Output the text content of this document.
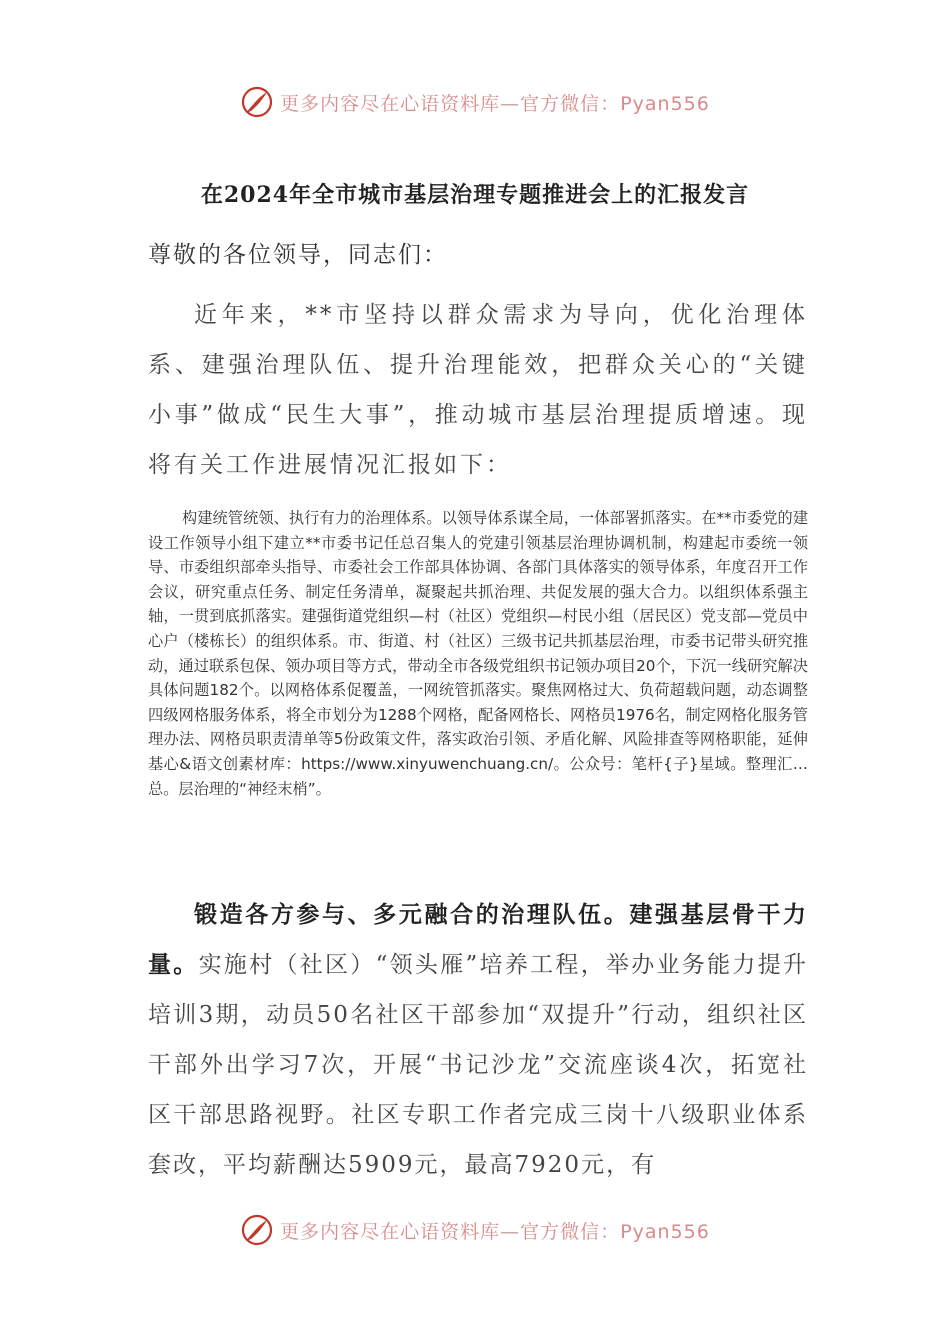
更多内容尽在心语资料库—官方微信：Pyan556
在2024年全市城市基层治理专题推进会上的汇报发言
尊敬的各位领导，同志们：

近年来，**市坚持以群众需求为导向，优化治理体系、建强治理队伍、提升治理能效，把群众关心的“关键小事”做成“民生大事”，推动城市基层治理提质增速。现将有关工作进展情况汇报如下：

构建统管统领、执行有力的治理体系。以领导体系谋全局，一体部署抓落实。在**市委党的建设工作领导小组下建立**市委书记任总召集人的党建引领基层治理协调机制，构建起市委统一领导、市委组织部牵头指导、市委社会工作部具体协调、各部门具体落实的领导体系，年度召开工作会议，研究重点任务、制定任务清单，凝聚起共抓治理、共促发展的强大合力。以组织体系强主轴，一贯到底抓落实。建强街道党组织—村（社区）党组织—村民小组（居民区）党支部—党员中心户（楼栋长）的组织体系。市、街道、村（社区）三级书记共抓基层治理，市委书记带头研究推动，通过联系包保、领办项目等方式，带动全市各级党组织书记领办项目20个，下沉一线研究解决具体问题182个。以网格体系促覆盖，一网统管抓落实。聚焦网格过大、负荷超载问题，动态调整四级网格服务体系，将全市划分为1288个网格，配备网格长、网格员1976名，制定网格化服务管理办法、网格员职责清单等5份政策文件，落实政治引领、矛盾化解、风险排查等网格职能，延伸基心&语文创素材库：https://www.xinyuwenchuang.cn/。公众号：笔杆{子}星域。整理汇…总。层治理的“神经末梢”。

锻造各方参与、多元融合的治理队伍。建强基层骨干力量。实施村（社区）“领头雁”培养工程，举办业务能力提升培训3期，动员50名社区干部参加“双提升”行动，组织社区干部外出学习7次，开展“书记沙龙”交流座谈4次，拓宽社区干部思路视野。社区专职工作者完成三岗十八级职业体系套改，平均薪酬达5909元，最高7920元，有

更多内容尽在心语资料库—官方微信：Pyan556
